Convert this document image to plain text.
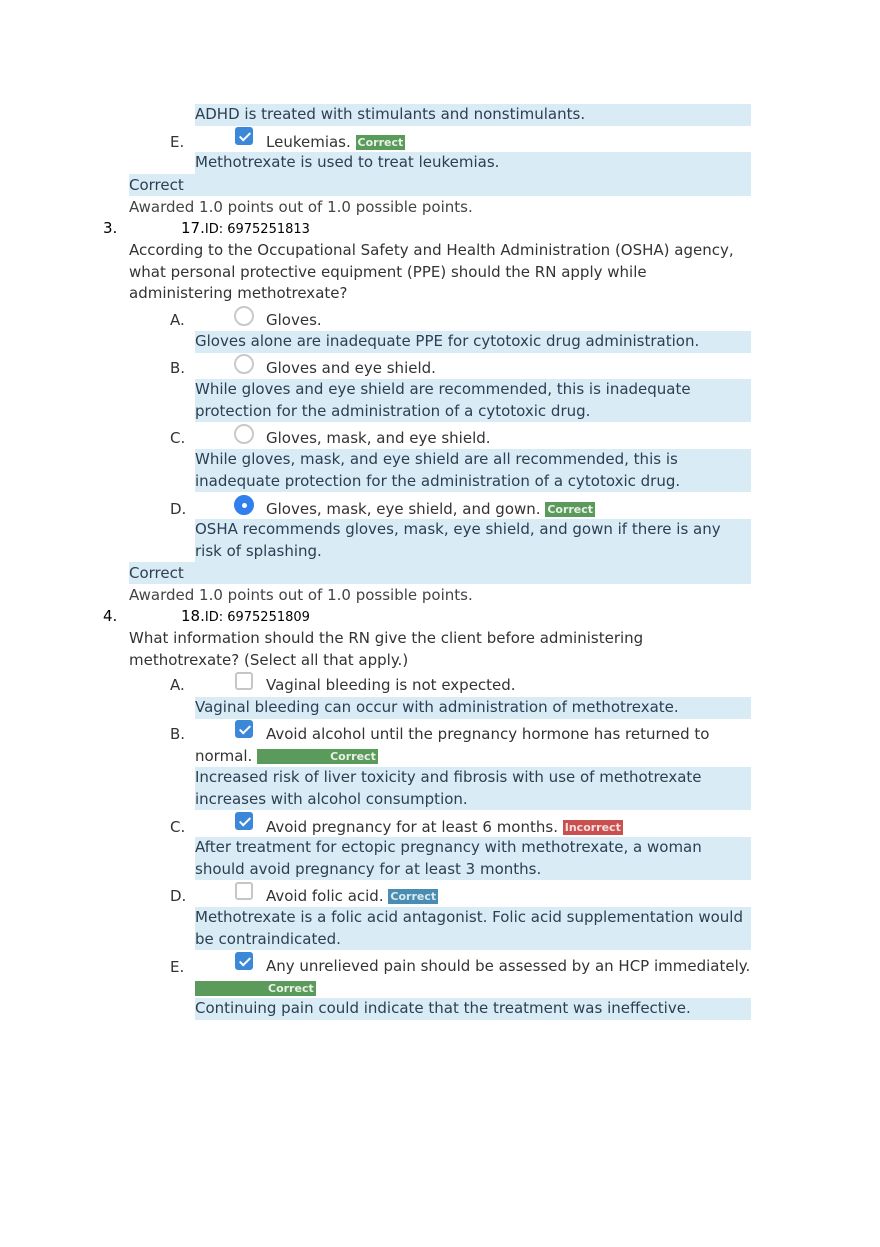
ADHD is treated with stimulants and nonstimulants.
E.	Leukemias. Correct
Methotrexate is used to treat leukemias.
Correct
Awarded 1.0 points out of 1.0 possible points.
3.	17.ID: 6975251813
According to the Occupational Safety and Health Administration (OSHA) agency, what personal protective equipment (PPE) should the RN apply while administering methotrexate?
A.	Gloves.
Gloves alone are inadequate PPE for cytotoxic drug administration.
B.	Gloves and eye shield.
While gloves and eye shield are recommended, this is inadequate protection for the administration of a cytotoxic drug.
C.	Gloves, mask, and eye shield.
While gloves, mask, and eye shield are all recommended, this is inadequate protection for the administration of a cytotoxic drug.
D.	Gloves, mask, eye shield, and gown. Correct
OSHA recommends gloves, mask, eye shield, and gown if there is any risk of splashing.
Correct
Awarded 1.0 points out of 1.0 possible points.
4.	18.ID: 6975251809
What information should the RN give the client before administering methotrexate? (Select all that apply.)
A.	Vaginal bleeding is not expected.
Vaginal bleeding can occur with administration of methotrexate.
B.	Avoid alcohol until the pregnancy hormone has returned to normal.	Correct
Increased risk of liver toxicity and fibrosis with use of methotrexate increases with alcohol consumption.
C.	Avoid pregnancy for at least 6 months. Incorrect
After treatment for ectopic pregnancy with methotrexate, a woman should avoid pregnancy for at least 3 months.
D.	Avoid folic acid. Correct
Methotrexate is a folic acid antagonist. Folic acid supplementation would be contraindicated.
E.	Any unrelieved pain should be assessed by an HCP immediately. Correct
Continuing pain could indicate that the treatment was ineffective.
